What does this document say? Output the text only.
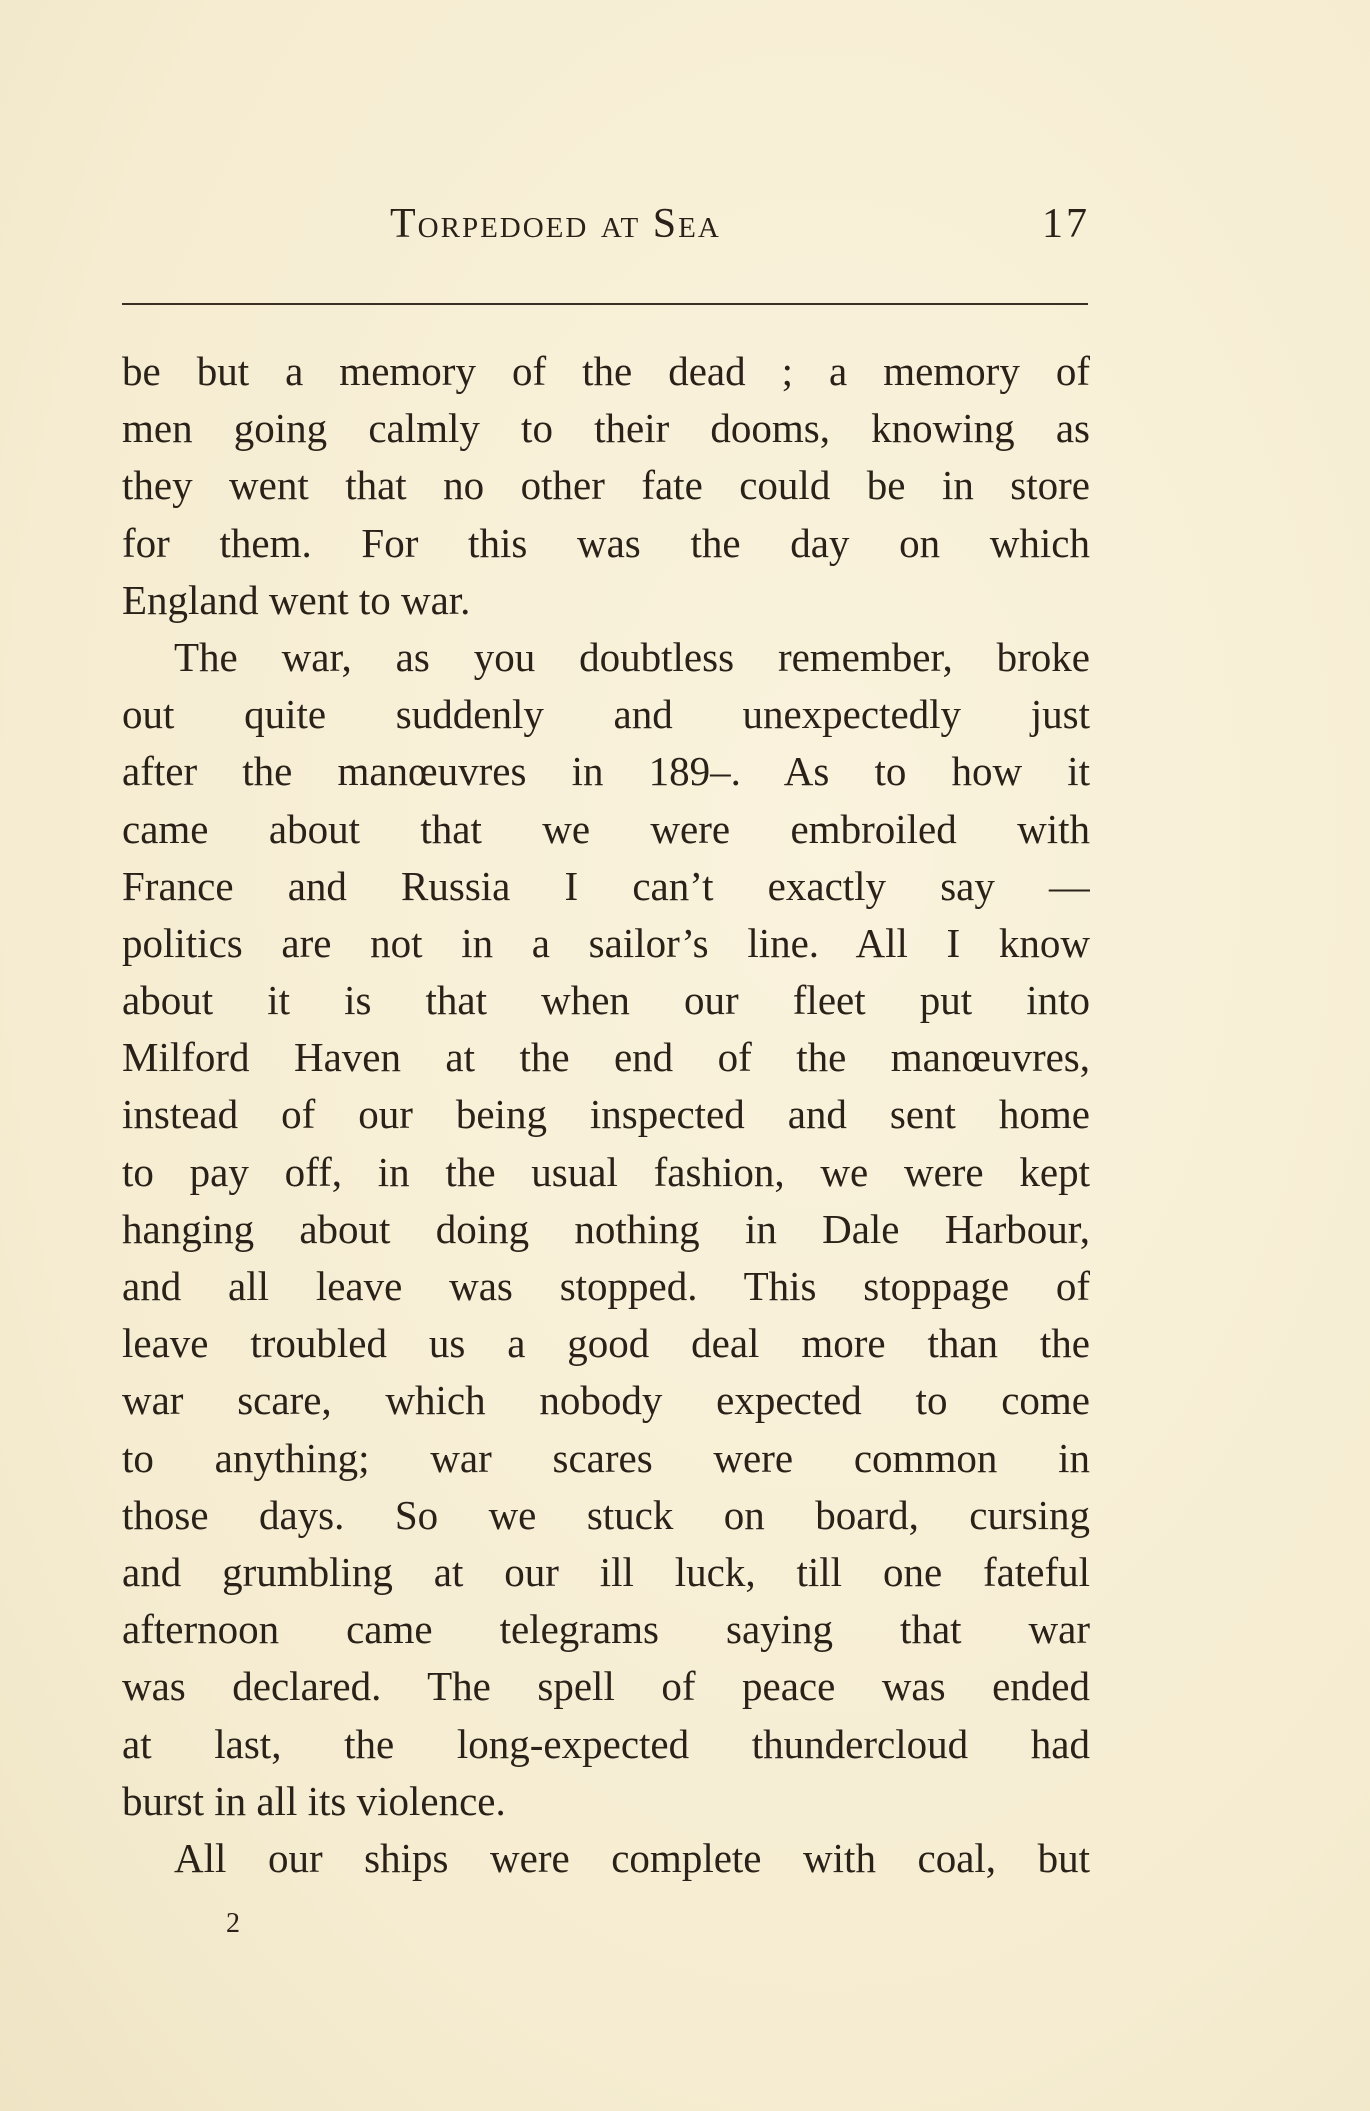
Torpedoed at Sea	17
be but a memory of the dead ; a memory of
men going calmly to their dooms, knowing as
they went that no other fate could be in store
for them. For this was the day on which
England went to war.
The war, as you doubtless remember, broke
out quite suddenly and unexpectedly just
after the manœuvres in 189–. As to how it
came about that we were embroiled with
France and Russia I can’t exactly say —
politics are not in a sailor’s line. All I know
about it is that when our fleet put into
Milford Haven at the end of the manœuvres,
instead of our being inspected and sent home
to pay off, in the usual fashion, we were kept
hanging about doing nothing in Dale Harbour,
and all leave was stopped. This stoppage of
leave troubled us a good deal more than the
war scare, which nobody expected to come
to anything; war scares were common in
those days. So we stuck on board, cursing
and grumbling at our ill luck, till one fateful
afternoon came telegrams saying that war
was declared. The spell of peace was ended
at last, the long-expected thundercloud had
burst in all its violence.
All our ships were complete with coal, but
2
